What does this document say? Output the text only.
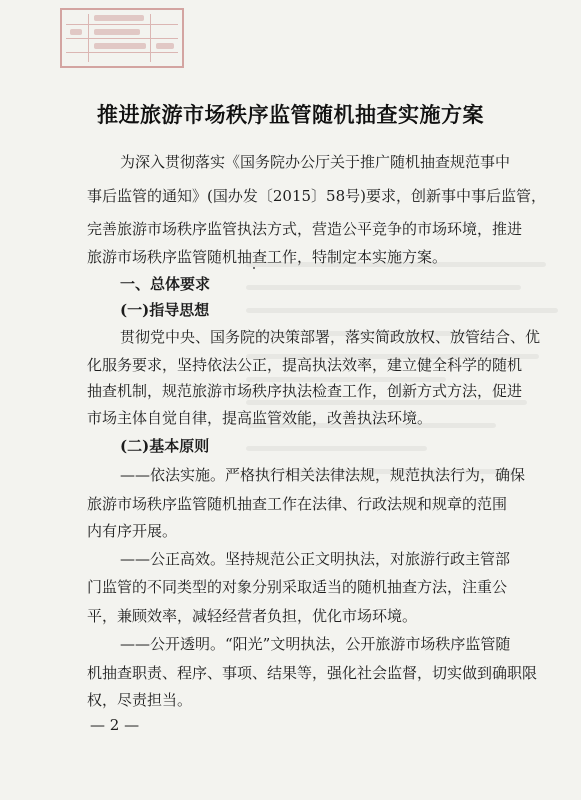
推进旅游市场秩序监管随机抽查实施方案
为深入贯彻落实《国务院办公厅关于推广随机抽查规范事中
事后监管的通知》(国办发〔2015〕58号)要求，创新事中事后监管，
完善旅游市场秩序监管执法方式，营造公平竞争的市场环境，推进
旅游市场秩序监管随机抽查工作，特制定本实施方案。
一、总体要求
(一)指导思想
贯彻党中央、国务院的决策部署，落实简政放权、放管结合、优
化服务要求，坚持依法公正，提高执法效率，建立健全科学的随机
抽查机制，规范旅游市场秩序执法检查工作，创新方式方法，促进
市场主体自觉自律，提高监管效能，改善执法环境。
(二)基本原则
——依法实施。严格执行相关法律法规，规范执法行为，确保
旅游市场秩序监管随机抽查工作在法律、行政法规和规章的范围
内有序开展。
——公正高效。坚持规范公正文明执法，对旅游行政主管部
门监管的不同类型的对象分别采取适当的随机抽查方法，注重公
平，兼顾效率，减轻经营者负担，优化市场环境。
——公开透明。“阳光”文明执法，公开旅游市场秩序监管随
机抽查职责、程序、事项、结果等，强化社会监督，切实做到确职限
权，尽责担当。
— 2 —
